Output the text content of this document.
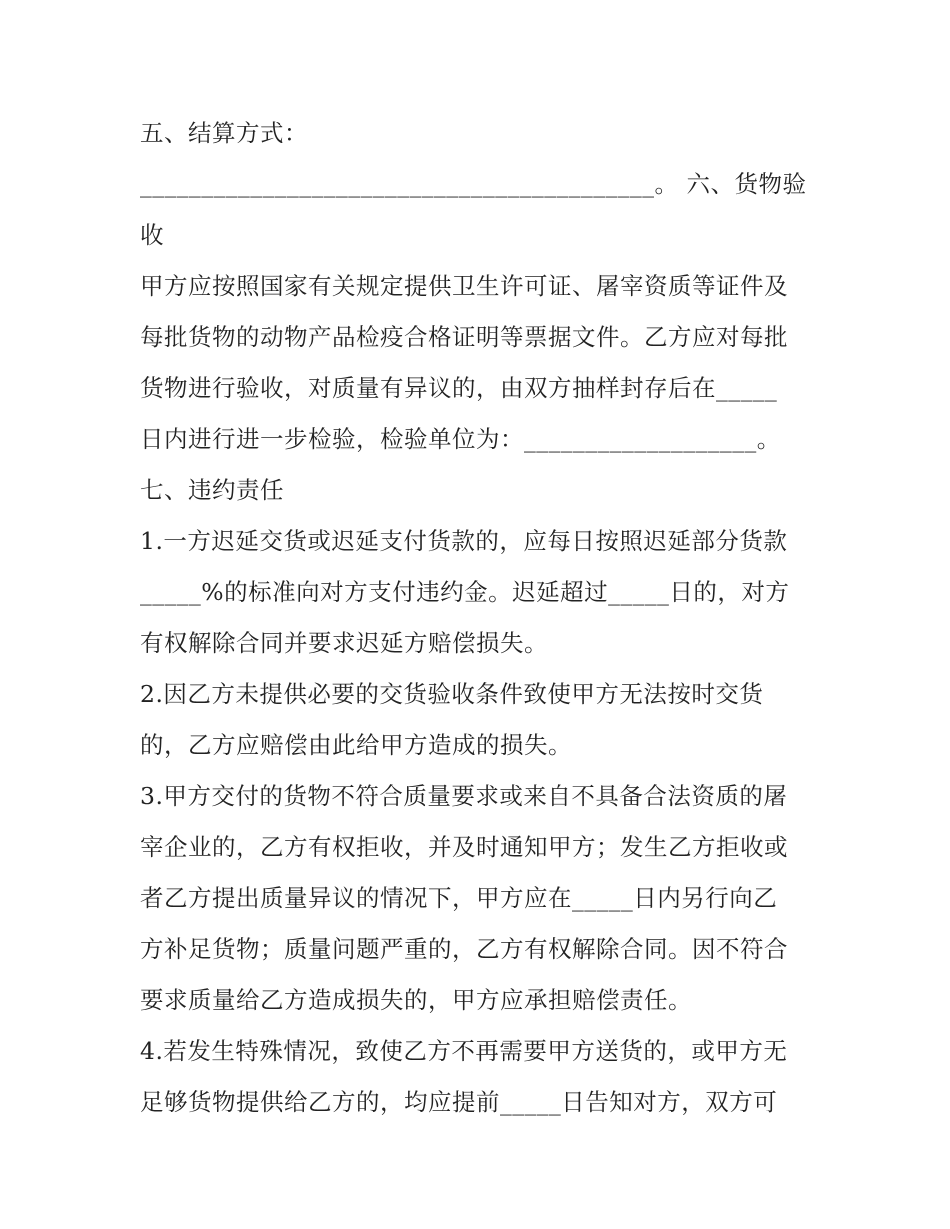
五、结算方式：
__________________________________________。 六、货物验
收
甲方应按照国家有关规定提供卫生许可证、屠宰资质等证件及
每批货物的动物产品检疫合格证明等票据文件。乙方应对每批
货物进行验收，对质量有异议的，由双方抽样封存后在_____
日内进行进一步检验，检验单位为：___________________。
七、违约责任
1.一方迟延交货或迟延支付货款的，应每日按照迟延部分货款
_____%的标准向对方支付违约金。迟延超过_____日的，对方
有权解除合同并要求迟延方赔偿损失。
2.因乙方未提供必要的交货验收条件致使甲方无法按时交货
的，乙方应赔偿由此给甲方造成的损失。
3.甲方交付的货物不符合质量要求或来自不具备合法资质的屠
宰企业的，乙方有权拒收，并及时通知甲方；发生乙方拒收或
者乙方提出质量异议的情况下，甲方应在_____日内另行向乙
方补足货物；质量问题严重的，乙方有权解除合同。因不符合
要求质量给乙方造成损失的，甲方应承担赔偿责任。
4.若发生特殊情况，致使乙方不再需要甲方送货的，或甲方无
足够货物提供给乙方的，均应提前_____日告知对方，双方可
